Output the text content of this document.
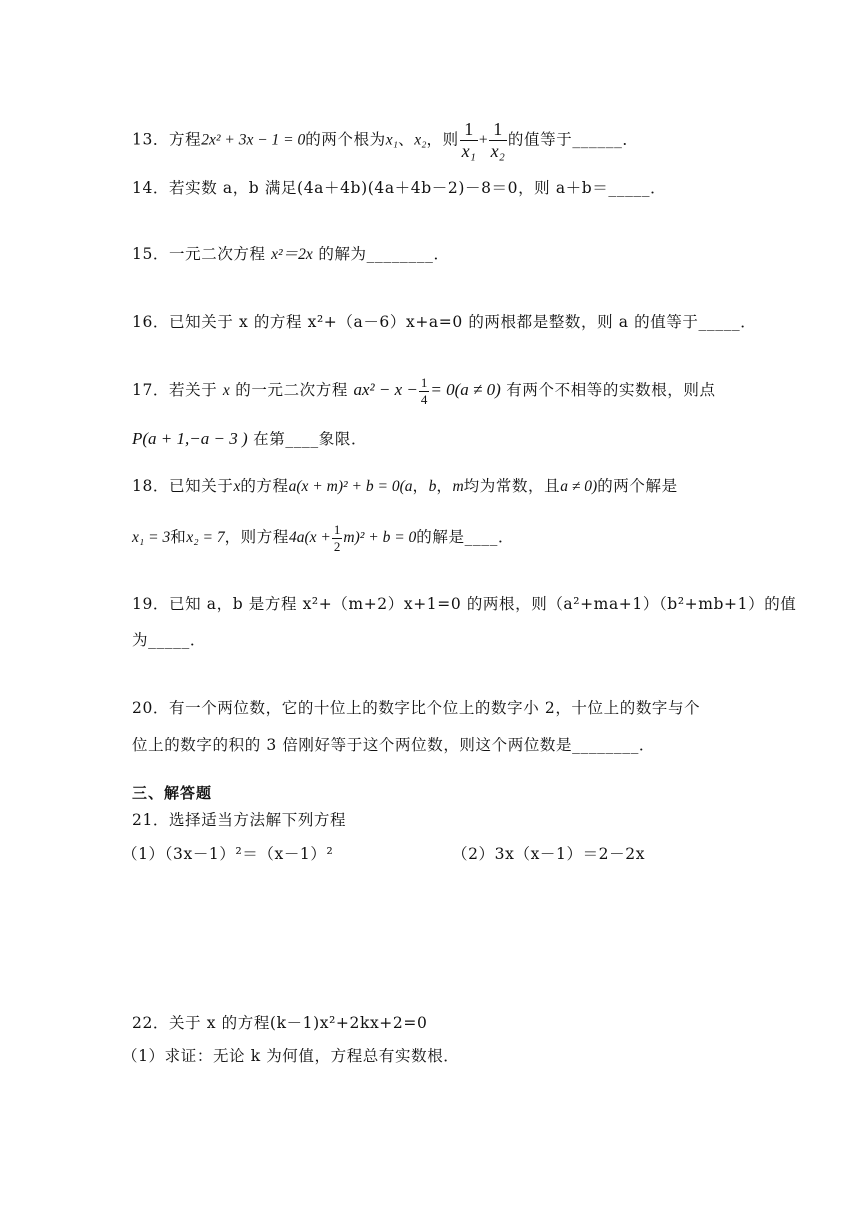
13．方程2x² + 3x − 1 = 0的两个根为x₁、x₂，则 $\frac{1}{\text{x₁}} + \frac{1}{\text{x₂}}$ 的值等于______．
14．若实数 a，b 满足(4a＋4b)(4a＋4b－2)－8＝0，则 a＋b＝_____．
15．一元二次方程 x²＝2x 的解为________．
16．已知关于 x 的方程 x²+（a－6）x+a=0 的两根都是整数，则 a 的值等于_____．
17．若关于 x 的一元二次方程 $ax^2 - x - \frac{1}{4} = 0(a \ne 0)$ 有两个不相等的实数根，则点
P(a + 1,−a − 3 ) 在第____象限．
18．已知关于x的方程a(x + m)² + b = 0(a，b，m均为常数，且a ≠ 0)的两个解是
x₁ = 3和x₂ = 7，则方程$4a(x + \frac{1}{2} m)^2 + b = 0$的解是____．
19．已知 a，b 是方程 x²+（m+2）x+1=0 的两根，则（a²+ma+1）（b²+mb+1）的值
为_____．
20．有一个两位数，它的十位上的数字比个位上的数字小 2，十位上的数字与个
位上的数字的积的 3 倍刚好等于这个两位数，则这个两位数是________．
三、解答题
21．选择适当方法解下列方程
（1）（3x－1）²＝（x－1）²	（2）3x（x－1）＝2－2x
22．关于 x 的方程(k－1)x²+2kx+2=0
（1）求证：无论 k 为何值，方程总有实数根．
